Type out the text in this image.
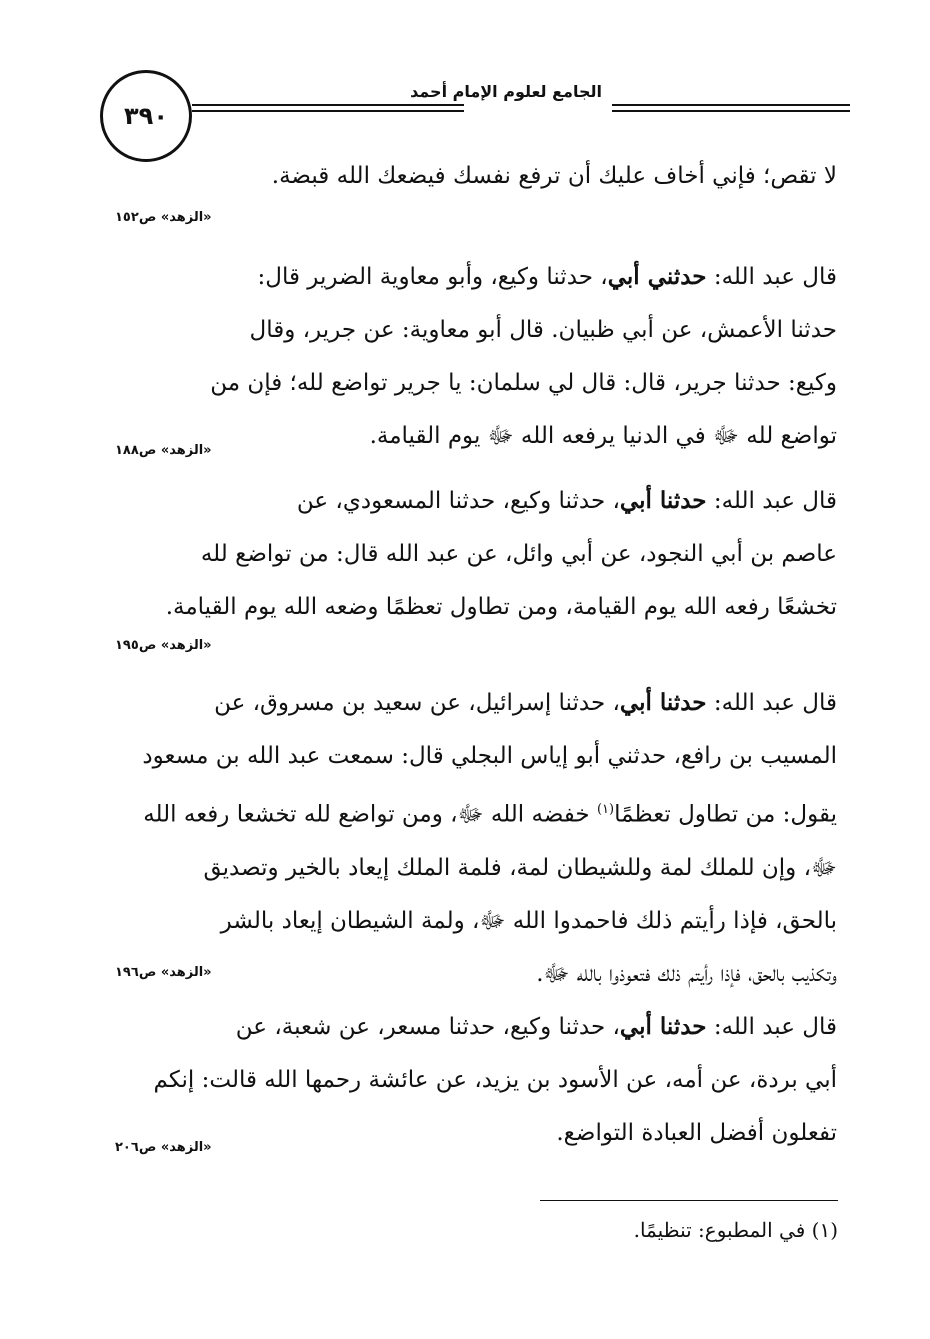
الجامع لعلوم الإمام أحمد
٣٩٠
لا تقص؛ فإني أخاف عليك أن ترفع نفسك فيضعك الله قبضة.
«الزهد» ص١٥٢
قال عبد الله: حدثني أبي، حدثنا وكيع، وأبو معاوية الضرير قال:
حدثنا الأعمش، عن أبي ظبيان. قال أبو معاوية: عن جرير، وقال
وكيع: حدثنا جرير، قال: قال لي سلمان: يا جرير تواضع لله؛ فإن من
تواضع لله ﷻ في الدنيا يرفعه الله ﷻ يوم القيامة.
«الزهد» ص١٨٨
قال عبد الله: حدثنا أبي، حدثنا وكيع، حدثنا المسعودي، عن
عاصم بن أبي النجود، عن أبي وائل، عن عبد الله قال: من تواضع لله
تخشعًا رفعه الله يوم القيامة، ومن تطاول تعظمًا وضعه الله يوم القيامة.
«الزهد» ص١٩٥
قال عبد الله: حدثنا أبي، حدثنا إسرائيل، عن سعيد بن مسروق، عن
المسيب بن رافع، حدثني أبو إياس البجلي قال: سمعت عبد الله بن مسعود
يقول: من تطاول تعظمًا$^{(١)}$ خفضه الله ﷻ، ومن تواضع لله تخشعا رفعه الله
ﷻ، وإن للملك لمة وللشيطان لمة، فلمة الملك إيعاد بالخير وتصديق
بالحق، فإذا رأيتم ذلك فاحمدوا الله ﷻ، ولمة الشيطان إيعاد بالشر
وتكذيب بالحق، فإذا رأيتم ذلك فتعوذوا بالله ﷻ.
«الزهد» ص١٩٦
قال عبد الله: حدثنا أبي، حدثنا وكيع، حدثنا مسعر، عن شعبة، عن
أبي بردة، عن أمه، عن الأسود بن يزيد، عن عائشة رحمها الله قالت: إنكم
تفعلون أفضل العبادة التواضع.
«الزهد» ص٢٠٦
(١) في المطبوع: تنظيمًا.
